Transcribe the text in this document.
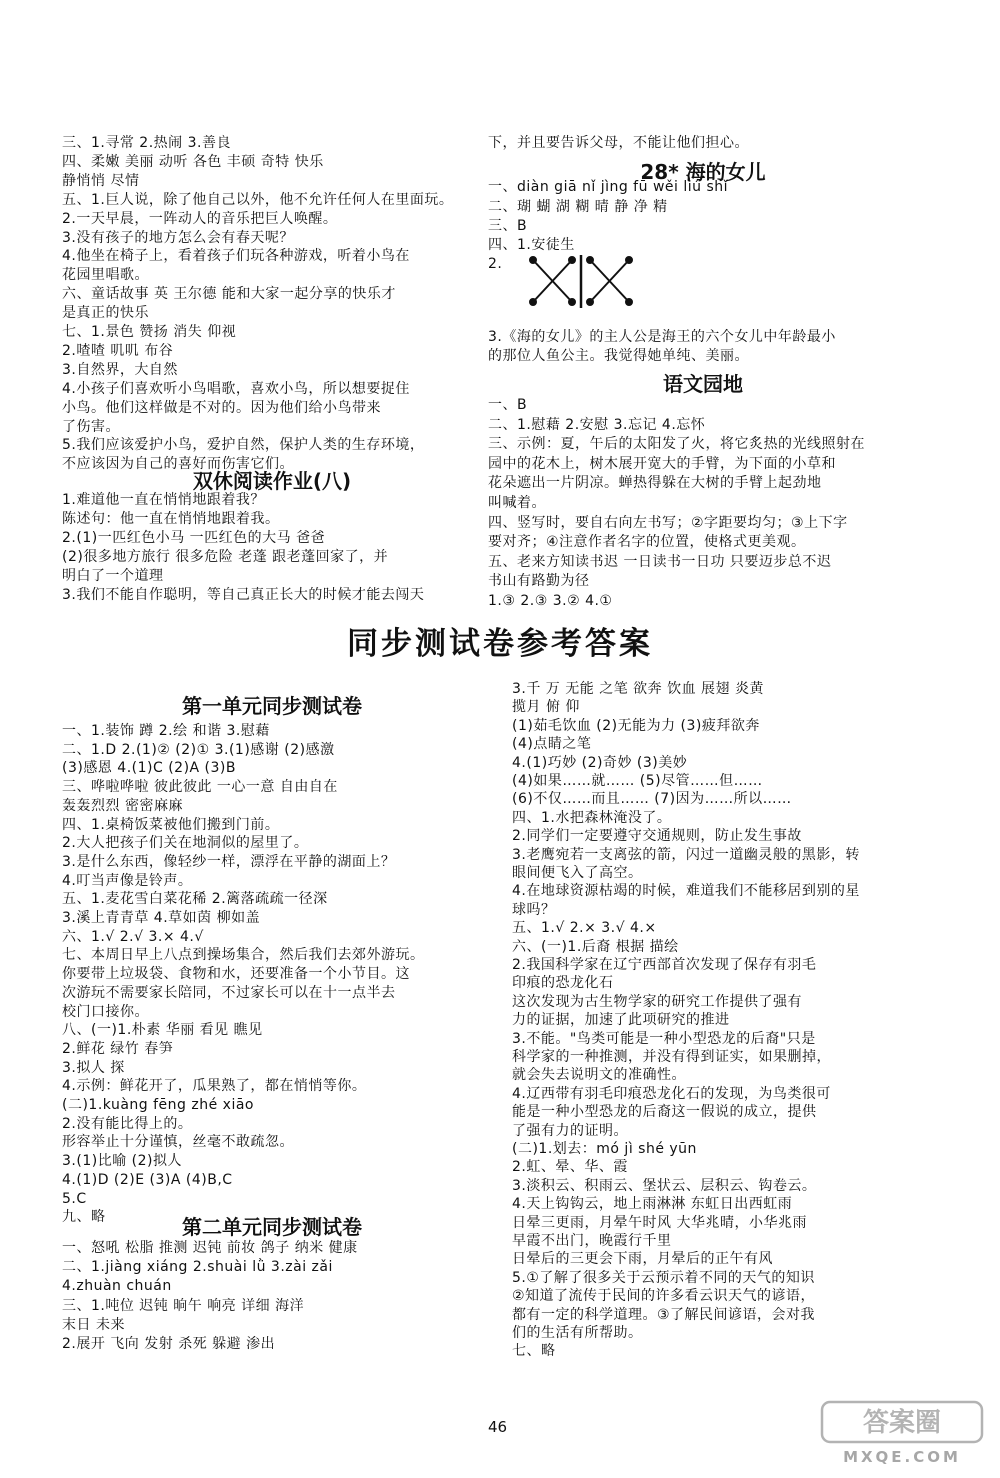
三、1.寻常 2.热闹 3.善良
四、柔嫩 美丽 动听 各色 丰硕 奇特 快乐
静悄悄 尽情
五、1.巨人说，除了他自己以外，他不允许任何人在里面玩。
2.一天早晨，一阵动人的音乐把巨人唤醒。
3.没有孩子的地方怎么会有春天呢？
4.他坐在椅子上，看着孩子们玩各种游戏，听着小鸟在
花园里唱歌。
六、童话故事 英 王尔德 能和大家一起分享的快乐才
是真正的快乐
七、1.景色 赞扬 消失 仰视
2.喳喳 叽叽 布谷
3.自然界，大自然
4.小孩子们喜欢听小鸟唱歌，喜欢小鸟，所以想要捉住
小鸟。他们这样做是不对的。因为他们给小鸟带来
了伤害。
5.我们应该爱护小鸟，爱护自然，保护人类的生存环境，
不应该因为自己的喜好而伤害它们。
双休阅读作业(八)
1.难道他一直在悄悄地跟着我？
陈述句：他一直在悄悄地跟着我。
2.(1)一匹红色小马 一匹红色的大马 爸爸
(2)很多地方旅行 很多危险 老蓬 跟老蓬回家了，并
明白了一个道理
3.我们不能自作聪明，等自己真正长大的时候才能去闯天
下，并且要告诉父母，不能让他们担心。
28* 海的女儿
一、diàn giā nǐ jìng fū wěi liú shǐ
二、瑚 蝴 湖 糊 晴 静 净 精
三、B
四、1.安徒生
2.
3.《海的女儿》的主人公是海王的六个女儿中年龄最小
的那位人鱼公主。我觉得她单纯、美丽。
语文园地
一、B
二、1.慰藉 2.安慰 3.忘记 4.忘怀
三、示例：夏，午后的太阳发了火，将它炙热的光线照射在
园中的花木上，树木展开宽大的手臂，为下面的小草和
花朵遮出一片阴凉。蝉热得躲在大树的手臂上起劲地
叫喊着。
四、竖写时，要自右向左书写；②字距要均匀；③上下字
要对齐；④注意作者名字的位置，使格式更美观。
五、老来方知读书迟 一日读书一日功 只要迈步总不迟
书山有路勤为径
1.③ 2.③ 3.② 4.①
同步测试卷参考答案
第一单元同步测试卷
一、1.装饰 蹲 2.绘 和谐 3.慰藉
二、1.D 2.(1)② (2)① 3.(1)感谢 (2)感激
(3)感恩 4.(1)C (2)A (3)B
三、哗啦哗啦 彼此彼此 一心一意 自由自在
轰轰烈烈 密密麻麻
四、1.桌椅饭菜被他们搬到门前。
2.大人把孩子们关在地洞似的屋里了。
3.是什么东西，像轻纱一样，漂浮在平静的湖面上？
4.叮当声像是铃声。
五、1.麦花雪白菜花稀 2.篱落疏疏一径深
3.溪上青青草 4.草如茵 柳如盖
六、1.√ 2.√ 3.× 4.√
七、本周日早上八点到操场集合，然后我们去郊外游玩。
你要带上垃圾袋、食物和水，还要准备一个小节目。这
次游玩不需要家长陪同，不过家长可以在十一点半去
校门口接你。
八、(一)1.朴素 华丽 看见 瞧见
2.鲜花 绿竹 春笋
3.拟人 探
4.示例：鲜花开了，瓜果熟了，都在悄悄等你。
(二)1.kuàng fēng zhé xiāo
2.没有能比得上的。
形容举止十分谨慎，丝毫不敢疏忽。
3.(1)比喻 (2)拟人
4.(1)D (2)E (3)A (4)B,C
5.C
九、略	第二单元同步测试卷
一、怒吼 松脂 推测 迟钝 前妆 鸽子 纳米 健康
二、1.jiàng xiáng 2.shuài lǜ 3.zài zǎi
4.zhuàn chuán
三、1.吨位 迟钝 晌午 响亮 详细 海洋
末日 未来
2.展开 飞向 发射 杀死 躲避 渗出
3.千 万 无能 之笔 欲奔 饮血 展翅 炎黄
揽月 俯 仰
(1)茹毛饮血 (2)无能为力 (3)疲拜欲奔
(4)点睛之笔
4.(1)巧妙 (2)奇妙 (3)美妙
(4)如果……就…… (5)尽管……但……
(6)不仅……而且…… (7)因为……所以……
四、1.水把森林淹没了。
2.同学们一定要遵守交通规则，防止发生事故
3.老鹰宛若一支离弦的箭，闪过一道幽灵般的黑影，转
眼间便飞入了高空。
4.在地球资源枯竭的时候，难道我们不能移居到别的星
球吗？
五、1.√ 2.× 3.√ 4.×
六、(一)1.后裔 根据 描绘
2.我国科学家在辽宁西部首次发现了保存有羽毛
印痕的恐龙化石
这次发现为古生物学家的研究工作提供了强有
力的证据，加速了此项研究的推进
3.不能。"鸟类可能是一种小型恐龙的后裔"只是
科学家的一种推测，并没有得到证实，如果删掉，
就会失去说明文的准确性。
4.辽西带有羽毛印痕恐龙化石的发现，为鸟类很可
能是一种小型恐龙的后裔这一假说的成立，提供
了强有力的证明。
(二)1.划去：mó jì shé yūn
2.虹、晕、华、霞
3.淡积云、积雨云、堡状云、层积云、钩卷云。
4.天上钩钩云，地上雨淋淋 东虹日出西虹雨
日晕三更雨，月晕午时风 大华兆晴，小华兆雨
早霞不出门，晚霞行千里
日晕后的三更会下雨，月晕后的正午有风
5.①了解了很多关于云预示着不同的天气的知识
②知道了流传于民间的许多看云识天气的谚语，
都有一定的科学道理。③了解民间谚语，会对我
们的生活有所帮助。
七、略
46	答案圈
MXQE.COM
